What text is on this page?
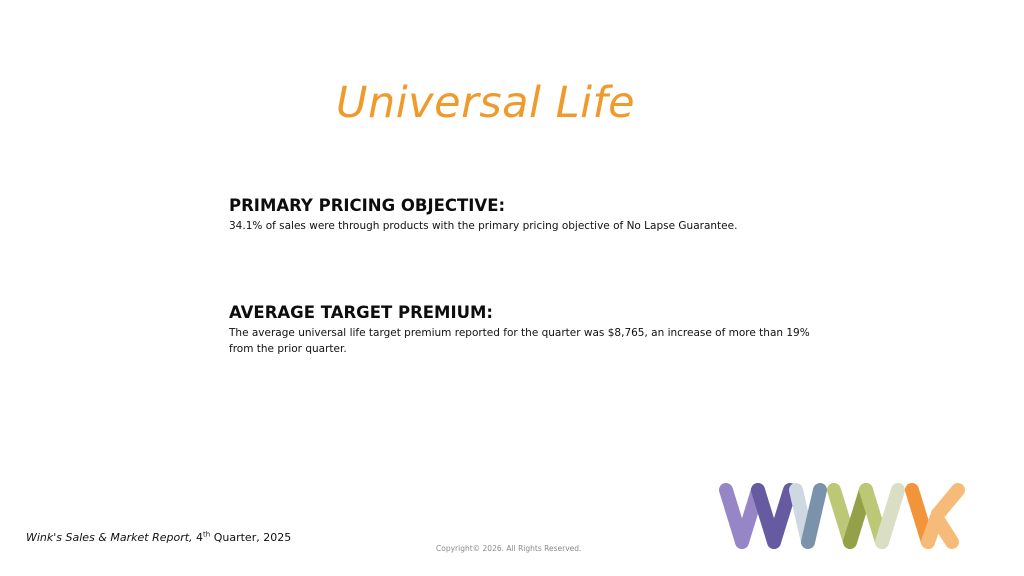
Universal Life

PRIMARY PRICING OBJECTIVE:

34.1% of sales were through products with the primary pricing objective of No Lapse Guarantee.

AVERAGE TARGET PREMIUM:

The average universal life target premium reported for the quarter was $8,765, an increase of more than 19% from the prior quarter.

Wink's Sales & Market Report, 4th Quarter, 2025
Copyright© 2026. All Rights Reserved.
